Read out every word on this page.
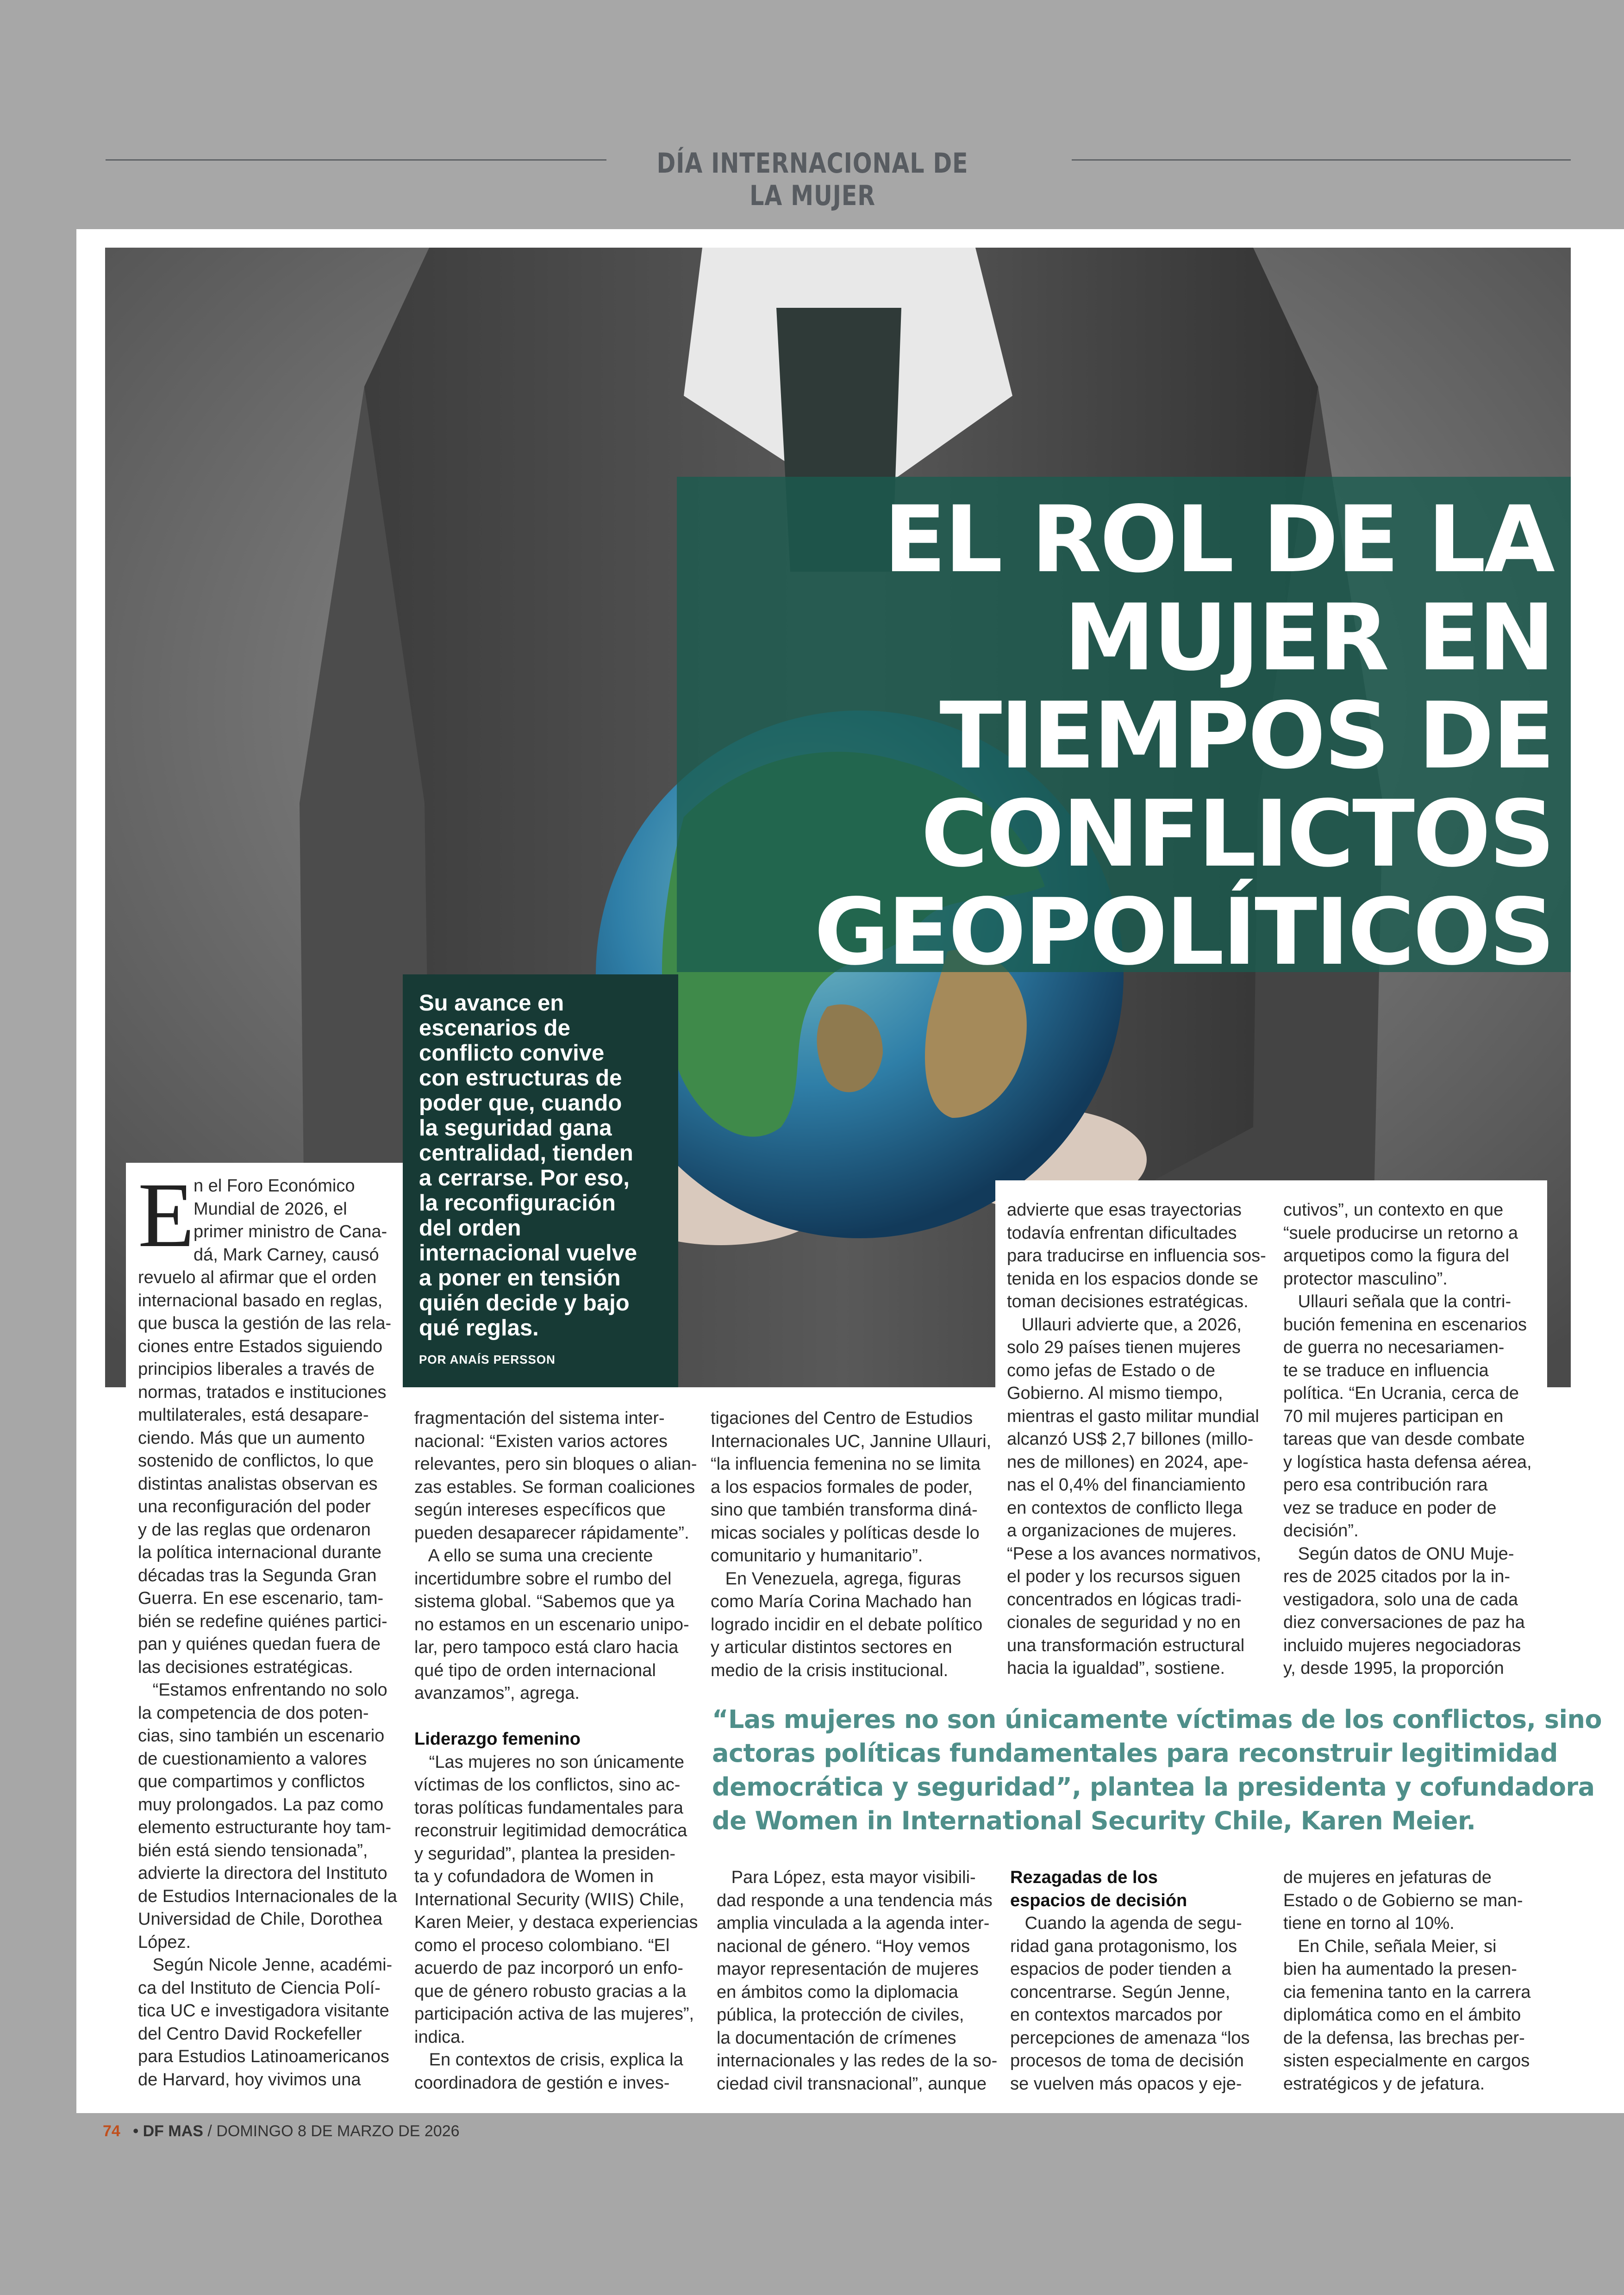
DÍA INTERNACIONAL DE LA MUJER
EL ROL DE LA
MUJER EN
TIEMPOS DE
CONFLICTOS
GEOPOLÍTICOS
Su avance en
escenarios de
conflicto convive
con estructuras de
poder que, cuando
la seguridad gana
centralidad, tienden
a cerrarse. Por eso,
la reconfiguración
del orden
internacional vuelve
a poner en tensión
quién decide y bajo
qué reglas.
POR ANAÍS PERSSON
E

n el Foro Económico

Mundial de 2026, el

primer ministro de Cana-

dá, Mark Carney, causó

revuelo al afirmar que el orden

internacional basado en reglas,

que busca la gestión de las rela-

ciones entre Estados siguiendo

principios liberales a través de

normas, tratados e instituciones

multilaterales, está desaparе-

ciendo. Más que un aumento

sostenido de conflictos, lo que

distintas analistas observan es

una reconfiguración del poder

y de las reglas que ordenaron

la política internacional durante

décadas tras la Segunda Gran

Guerra. En ese escenario, tam-

bién se redefine quiénes partici-

pan y quiénes quedan fuera de

las decisiones estratégicas.

“Estamos enfrentando no solo

la competencia de dos poten-

cias, sino también un escenario

de cuestionamiento a valores

que compartimos y conflictos

muy prolongados. La paz como

elemento estructurante hoy tam-

bién está siendo tensionada”,

advierte la directora del Instituto

de Estudios Internacionales de la

Universidad de Chile, Dorothea

López.

Según Nicole Jenne, académi-

ca del Instituto de Ciencia Polí-

tica UC e investigadora visitante

del Centro David Rockefeller

para Estudios Latinoamericanos

de Harvard, hoy vivimos una

fragmentación del sistema inter-

nacional: “Existen varios actores

relevantes, pero sin bloques o alian-

zas estables. Se forman coaliciones

según intereses específicos que

pueden desaparecer rápidamente”.

A ello se suma una creciente

incertidumbre sobre el rumbo del

sistema global. “Sabemos que ya

no estamos en un escenario unipo-

lar, pero tampoco está claro hacia

qué tipo de orden internacional

avanzamos”, agrega.

Liderazgo femenino

“Las mujeres no son únicamente

víctimas de los conflictos, sino ac-

toras políticas fundamentales para

reconstruir legitimidad democrática

y seguridad”, plantea la presiden-

ta y cofundadora de Women in

International Security (WIIS) Chile,

Karen Meier, y destaca experiencias

como el proceso colombiano. “El

acuerdo de paz incorporó un enfo-

que de género robusto gracias a la

participación activa de las mujeres”,

indica.

En contextos de crisis, explica la

coordinadora de gestión e inves-

tigaciones del Centro de Estudios

Internacionales UC, Jannine Ullauri,

“la influencia femenina no se limita

a los espacios formales de poder,

sino que también transforma diná-

micas sociales y políticas desde lo

comunitario y humanitario”.

En Venezuela, agrega, figuras

como María Corina Machado han

logrado incidir en el debate político

y articular distintos sectores en

medio de la crisis institucional.

advierte que esas trayectorias

todavía enfrentan dificultades

para traducirse en influencia sos-

tenida en los espacios donde se

toman decisiones estratégicas.

Ullauri advierte que, a 2026,

solo 29 países tienen mujeres

como jefas de Estado o de

Gobierno. Al mismo tiempo,

mientras el gasto militar mundial

alcanzó US$ 2,7 billones (millo-

nes de millones) en 2024, ape-

nas el 0,4% del financiamiento

en contextos de conflicto llega

a organizaciones de mujeres.

“Pese a los avances normativos,

el poder y los recursos siguen

concentrados en lógicas tradi-

cionales de seguridad y no en

una transformación estructural

hacia la igualdad”, sostiene.

cutivos”, un contexto en que

“suele producirse un retorno a

arquetipos como la figura del

protector masculino”.

Ullauri señala que la contri-

bución femenina en escenarios

de guerra no necesariamen-

te se traduce en influencia

política. “En Ucrania, cerca de

70 mil mujeres participan en

tareas que van desde combate

y logística hasta defensa aérea,

pero esa contribución rara

vez se traduce en poder de

decisión”.

Según datos de ONU Muje-

res de 2025 citados por la in-

vestigadora, solo una de cada

diez conversaciones de paz ha

incluido mujeres negociadoras

y, desde 1995, la proporción

“Las mujeres no son únicamente víctimas de los conflictos, sino
actoras políticas fundamentales para reconstruir legitimidad
democrática y seguridad”, plantea la presidenta y cofundadora
de Women in International Security Chile, Karen Meier.

Para López, esta mayor visibili-

dad responde a una tendencia más

amplia vinculada a la agenda inter-

nacional de género. “Hoy vemos

mayor representación de mujeres

en ámbitos como la diplomacia

pública, la protección de civiles,

la documentación de crímenes

internacionales y las redes de la so-

ciedad civil transnacional”, aunque

Rezagadas de los

espacios de decisión

Cuando la agenda de segu-

ridad gana protagonismo, los

espacios de poder tienden a

concentrarse. Según Jenne,

en contextos marcados por

percepciones de amenaza “los

procesos de toma de decisión

se vuelven más opacos y eje-

de mujeres en jefaturas de

Estado o de Gobierno se man-

tiene en torno al 10%.

En Chile, señala Meier, si

bien ha aumentado la presen-

cia femenina tanto en la carrera

diplomática como en el ámbito

de la defensa, las brechas per-

sisten especialmente en cargos

estratégicos y de jefatura.

74 • DF MAS / DOMINGO 8 DE MARZO DE 2026
